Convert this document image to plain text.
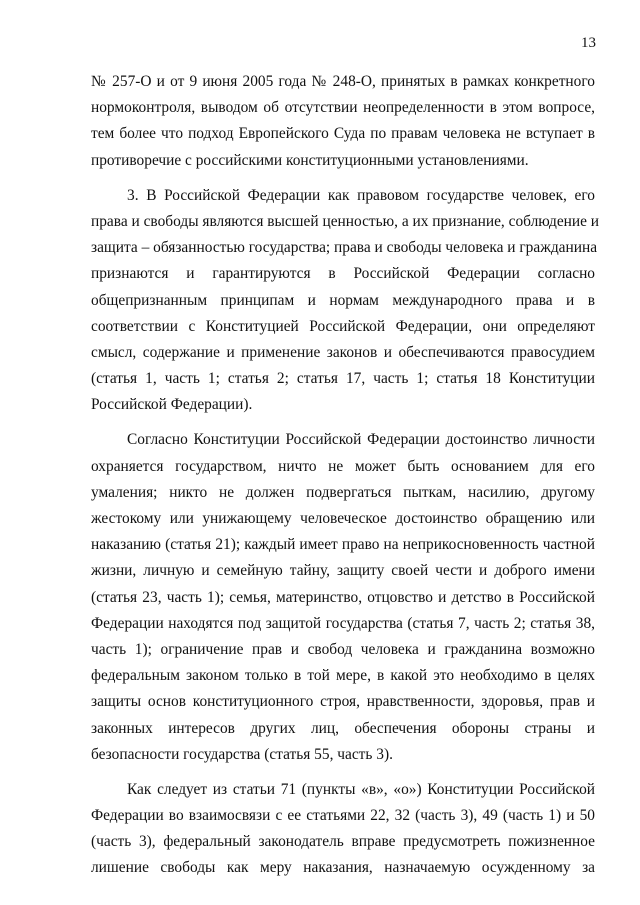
13
№ 257-О и от 9 июня 2005 года № 248-О, принятых в рамках конкретного
нормоконтроля, выводом об отсутствии неопределенности в этом вопросе,
тем более что подход Европейского Суда по правам человека не вступает в
противоречие с российскими конституционными установлениями.
3. В Российской Федерации как правовом государстве человек, его
права и свободы являются высшей ценностью, а их признание, соблюдение и
защита – обязанностью государства; права и свободы человека и гражданина
признаются и гарантируются в Российской Федерации согласно
общепризнанным принципам и нормам международного права и в
соответствии с Конституцией Российской Федерации, они определяют
смысл, содержание и применение законов и обеспечиваются правосудием
(статья 1, часть 1; статья 2; статья 17, часть 1; статья 18 Конституции
Российской Федерации).
Согласно Конституции Российской Федерации достоинство личности
охраняется государством, ничто не может быть основанием для его
умаления; никто не должен подвергаться пыткам, насилию, другому
жестокому или унижающему человеческое достоинство обращению или
наказанию (статья 21); каждый имеет право на неприкосновенность частной
жизни, личную и семейную тайну, защиту своей чести и доброго имени
(статья 23, часть 1); семья, материнство, отцовство и детство в Российской
Федерации находятся под защитой государства (статья 7, часть 2; статья 38,
часть 1); ограничение прав и свобод человека и гражданина возможно
федеральным законом только в той мере, в какой это необходимо в целях
защиты основ конституционного строя, нравственности, здоровья, прав и
законных интересов других лиц, обеспечения обороны страны и
безопасности государства (статья 55, часть 3).
Как следует из статьи 71 (пункты «в», «о») Конституции Российской
Федерации во взаимосвязи с ее статьями 22, 32 (часть 3), 49 (часть 1) и 50
(часть 3), федеральный законодатель вправе предусмотреть пожизненное
лишение свободы как меру наказания, назначаемую осужденному за
